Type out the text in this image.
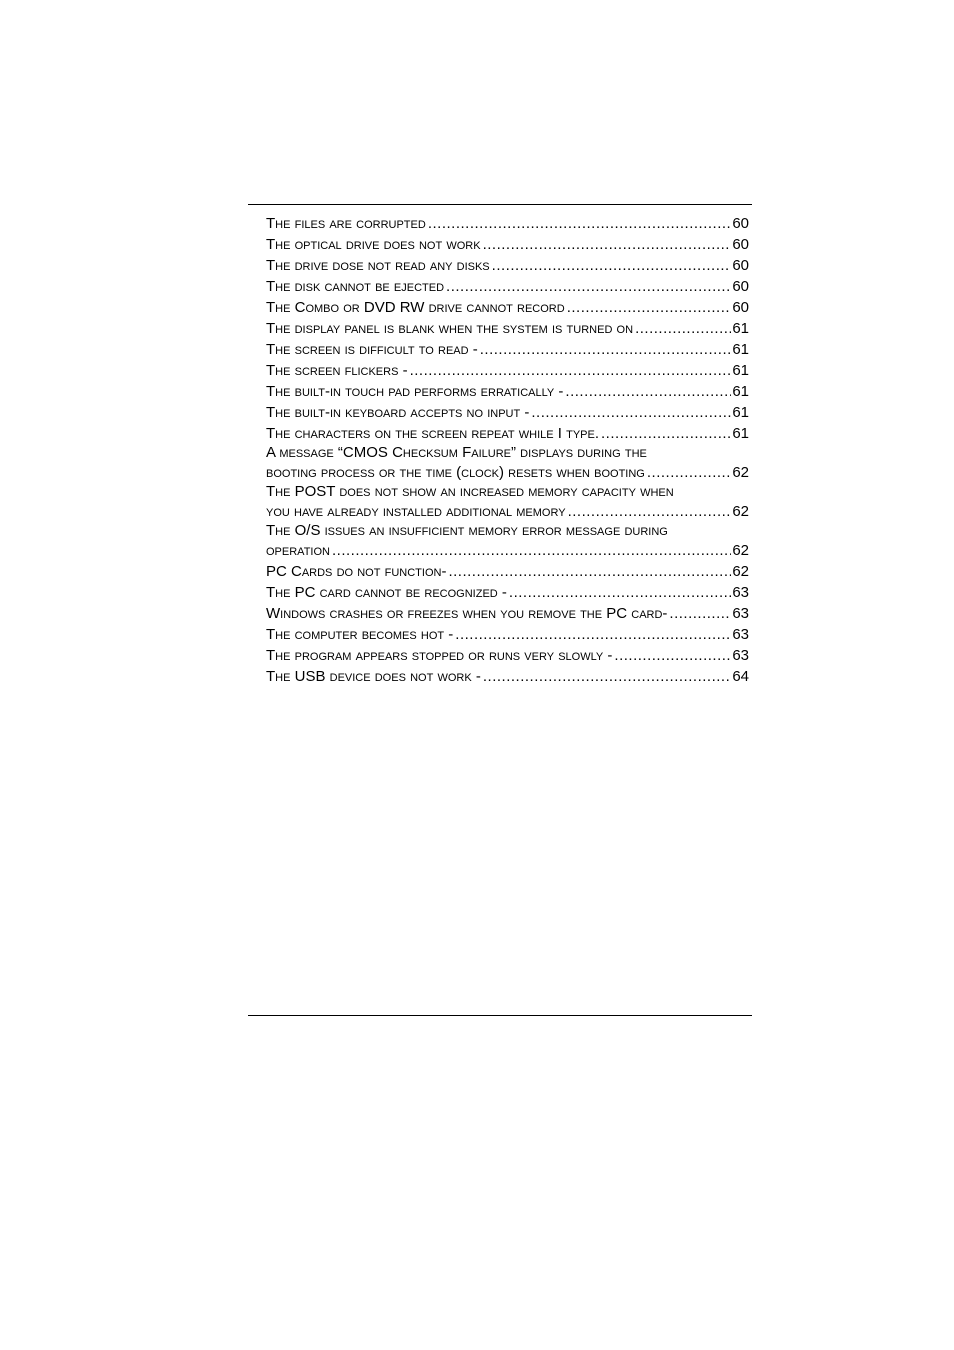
The files are corrupted .....	60
The optical drive does not work .....	60
The drive dose not read any disks .....	60
The disk cannot be ejected .....	60
The Combo or DVD RW drive cannot record .....	60
The display panel is blank when the system is turned on .....	61
The screen is difficult to read - .....	61
The screen flickers - .....	61
The built-in touch pad performs erratically - .....	61
The built-in keyboard accepts no input - .....	61
The characters on the screen repeat while I type. .....	61
A message “CMOS Checksum Failure” displays during the
booting process or the time (clock) resets when booting .....	62
The POST does not show an increased memory capacity when
you have already installed additional memory .....	62
The O/S issues an insufficient memory error message during
operation .....	62
PC Cards do not function- .....	62
The PC card cannot be recognized - .....	63
Windows crashes or freezes when you remove the PC card- .....	63
The computer becomes hot - .....	63
The program appears stopped or runs very slowly - .....	63
The USB device does not work - .....	64
